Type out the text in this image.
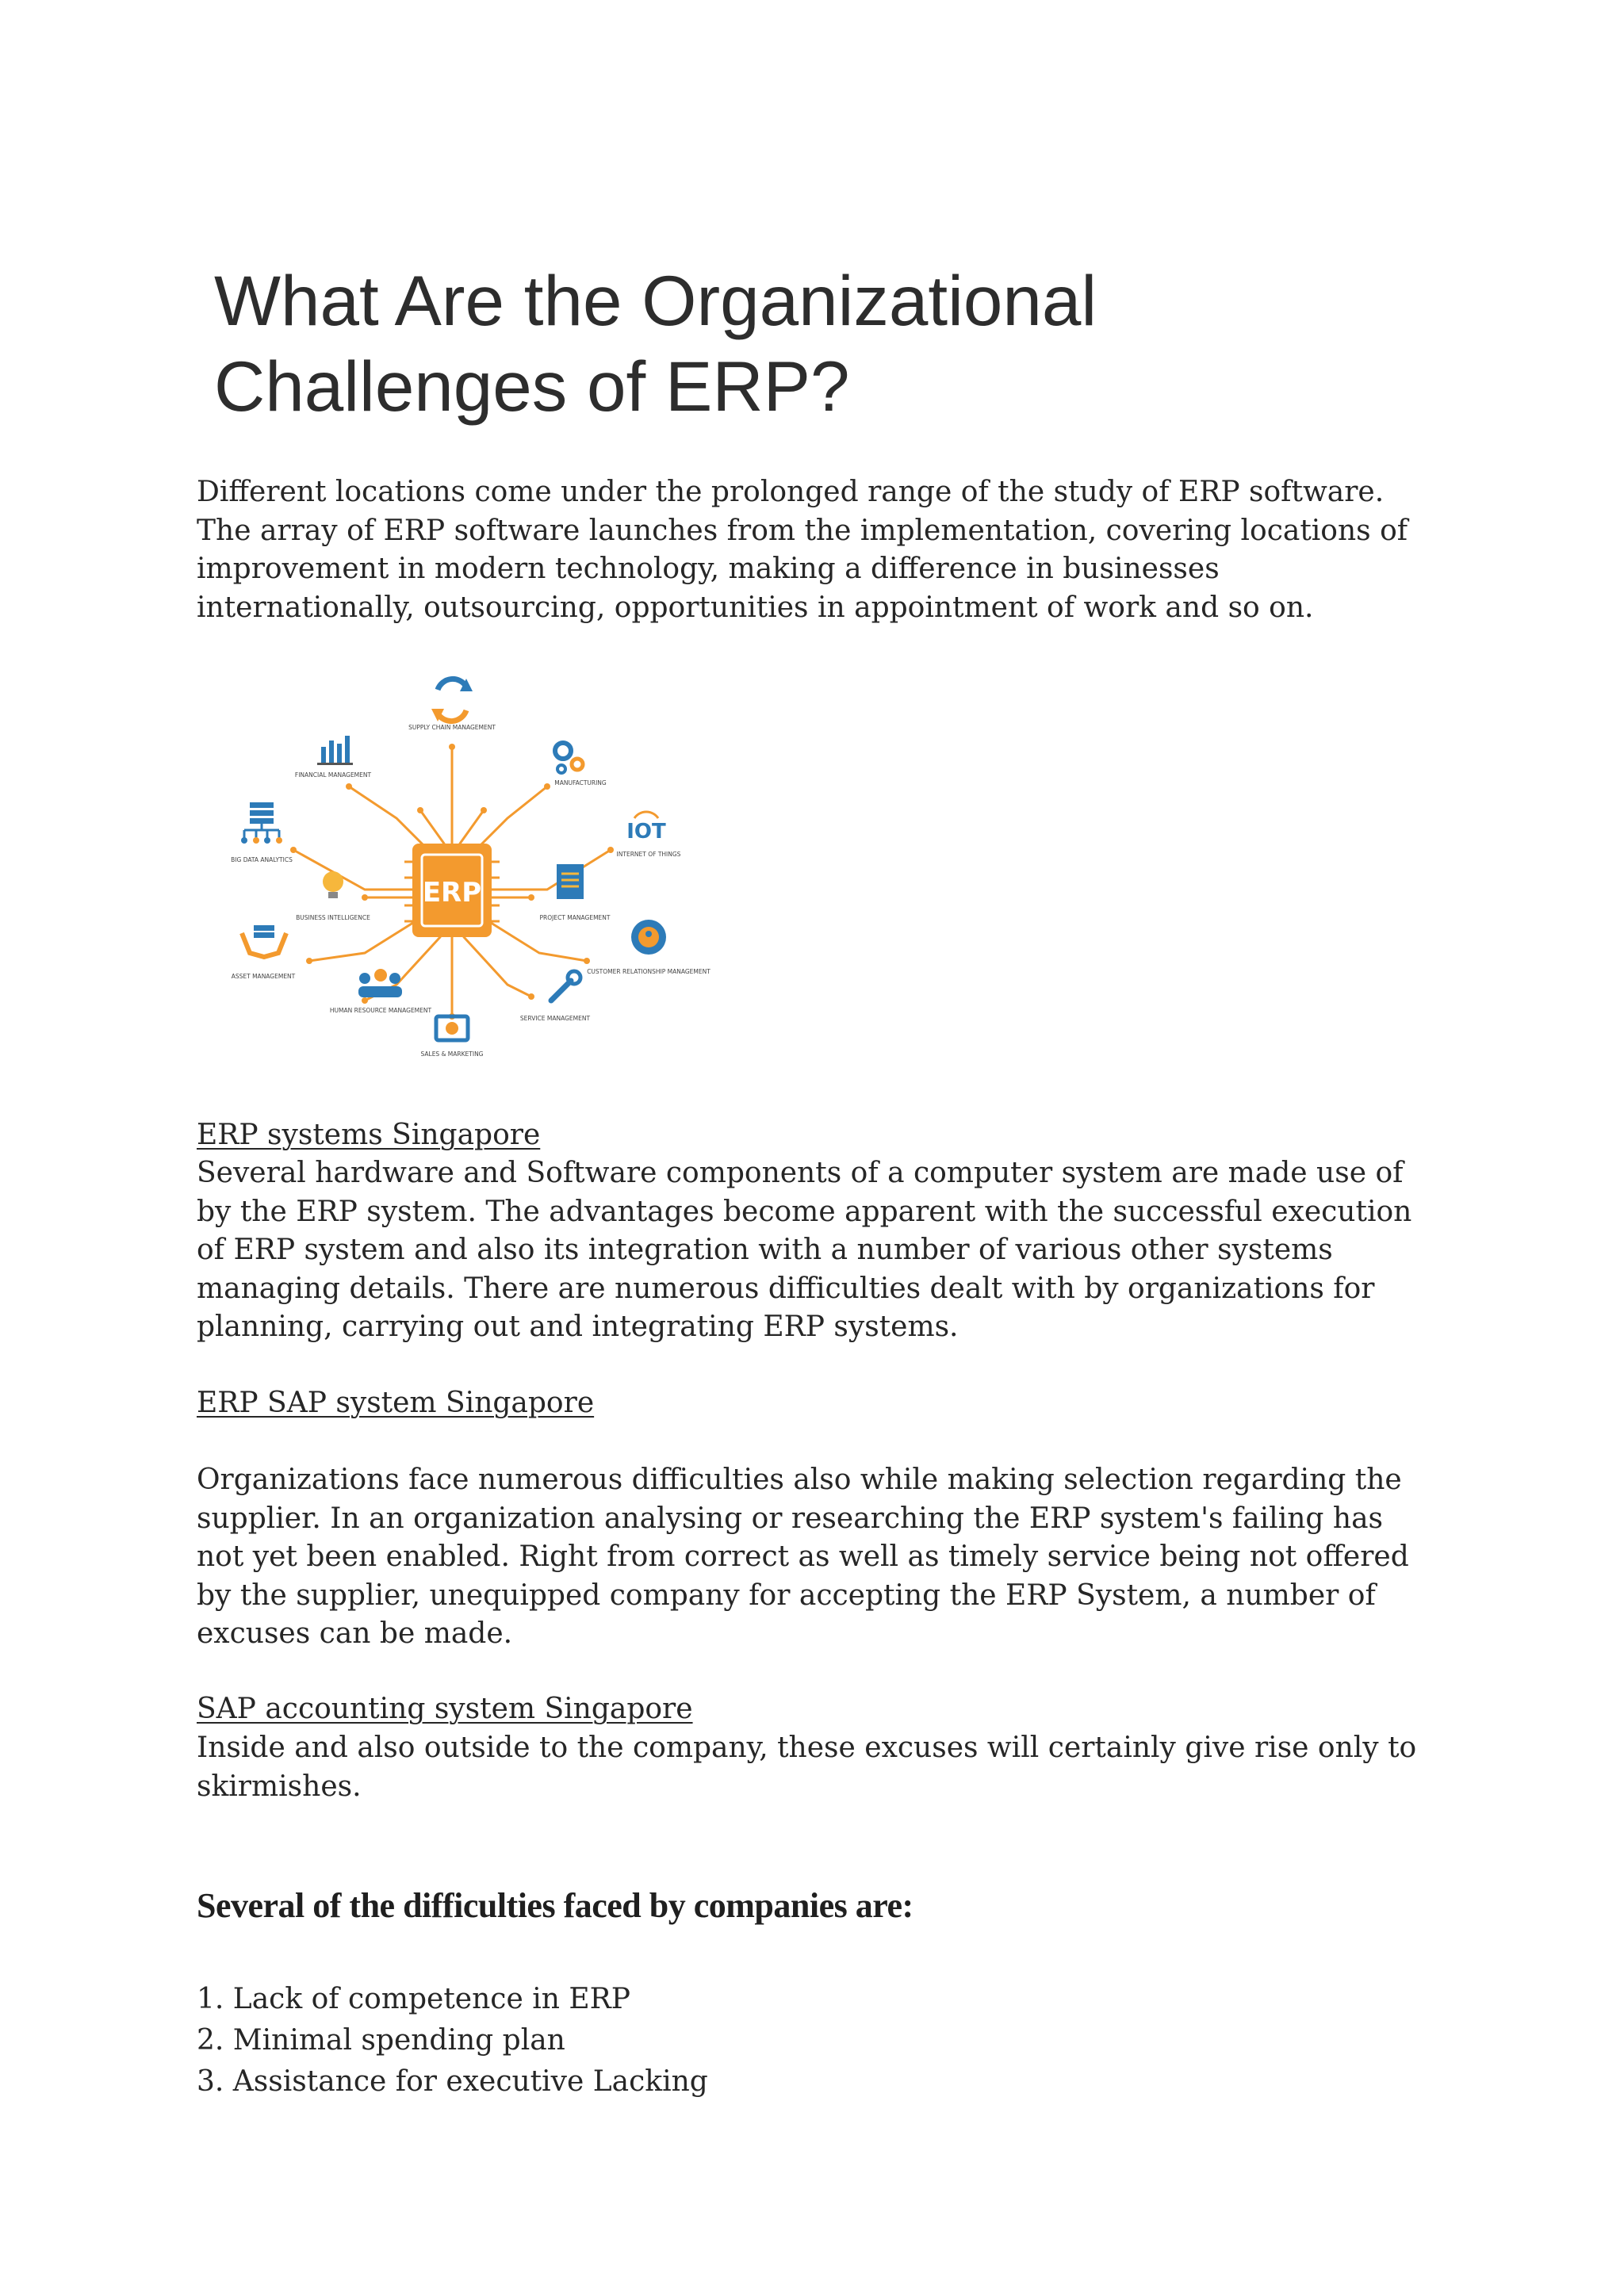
What Are the Organizational
Challenges of ERP?

Different locations come under the prolonged range of the study of ERP software. The array of ERP software launches from the implementation, covering locations of improvement in modern technology, making a difference in businesses internationally, outsourcing, opportunities in appointment of work and so on.

ERP
SUPPLY CHAIN MANAGEMENT
FINANCIAL MANAGEMENT
MANUFACTURING
BIG DATA ANALYTICS
IOT
INTERNET OF THINGS
BUSINESS INTELLIGENCE	PROJECT MANAGEMENT
ASSET MANAGEMENT
CUSTOMER RELATIONSHIP MANAGEMENT
HUMAN RESOURCE MANAGEMENT
SERVICE MANAGEMENT
SALES & MARKETING

ERP systems Singapore

Several hardware and Software components of a computer system are made use of by the ERP system. The advantages become apparent with the successful execution of ERP system and also its integration with a number of various other systems managing details. There are numerous difficulties dealt with by organizations for planning, carrying out and integrating ERP systems.

ERP SAP system Singapore

Organizations face numerous difficulties also while making selection regarding the supplier. In an organization analysing or researching the ERP system's failing has not yet been enabled. Right from correct as well as timely service being not offered by the supplier, unequipped company for accepting the ERP System, a number of excuses can be made.

SAP accounting system Singapore

Inside and also outside to the company, these excuses will certainly give rise only to skirmishes.

Several of the difficulties faced by companies are:
1. Lack of competence in ERP
2. Minimal spending plan
3. Assistance for executive Lacking
